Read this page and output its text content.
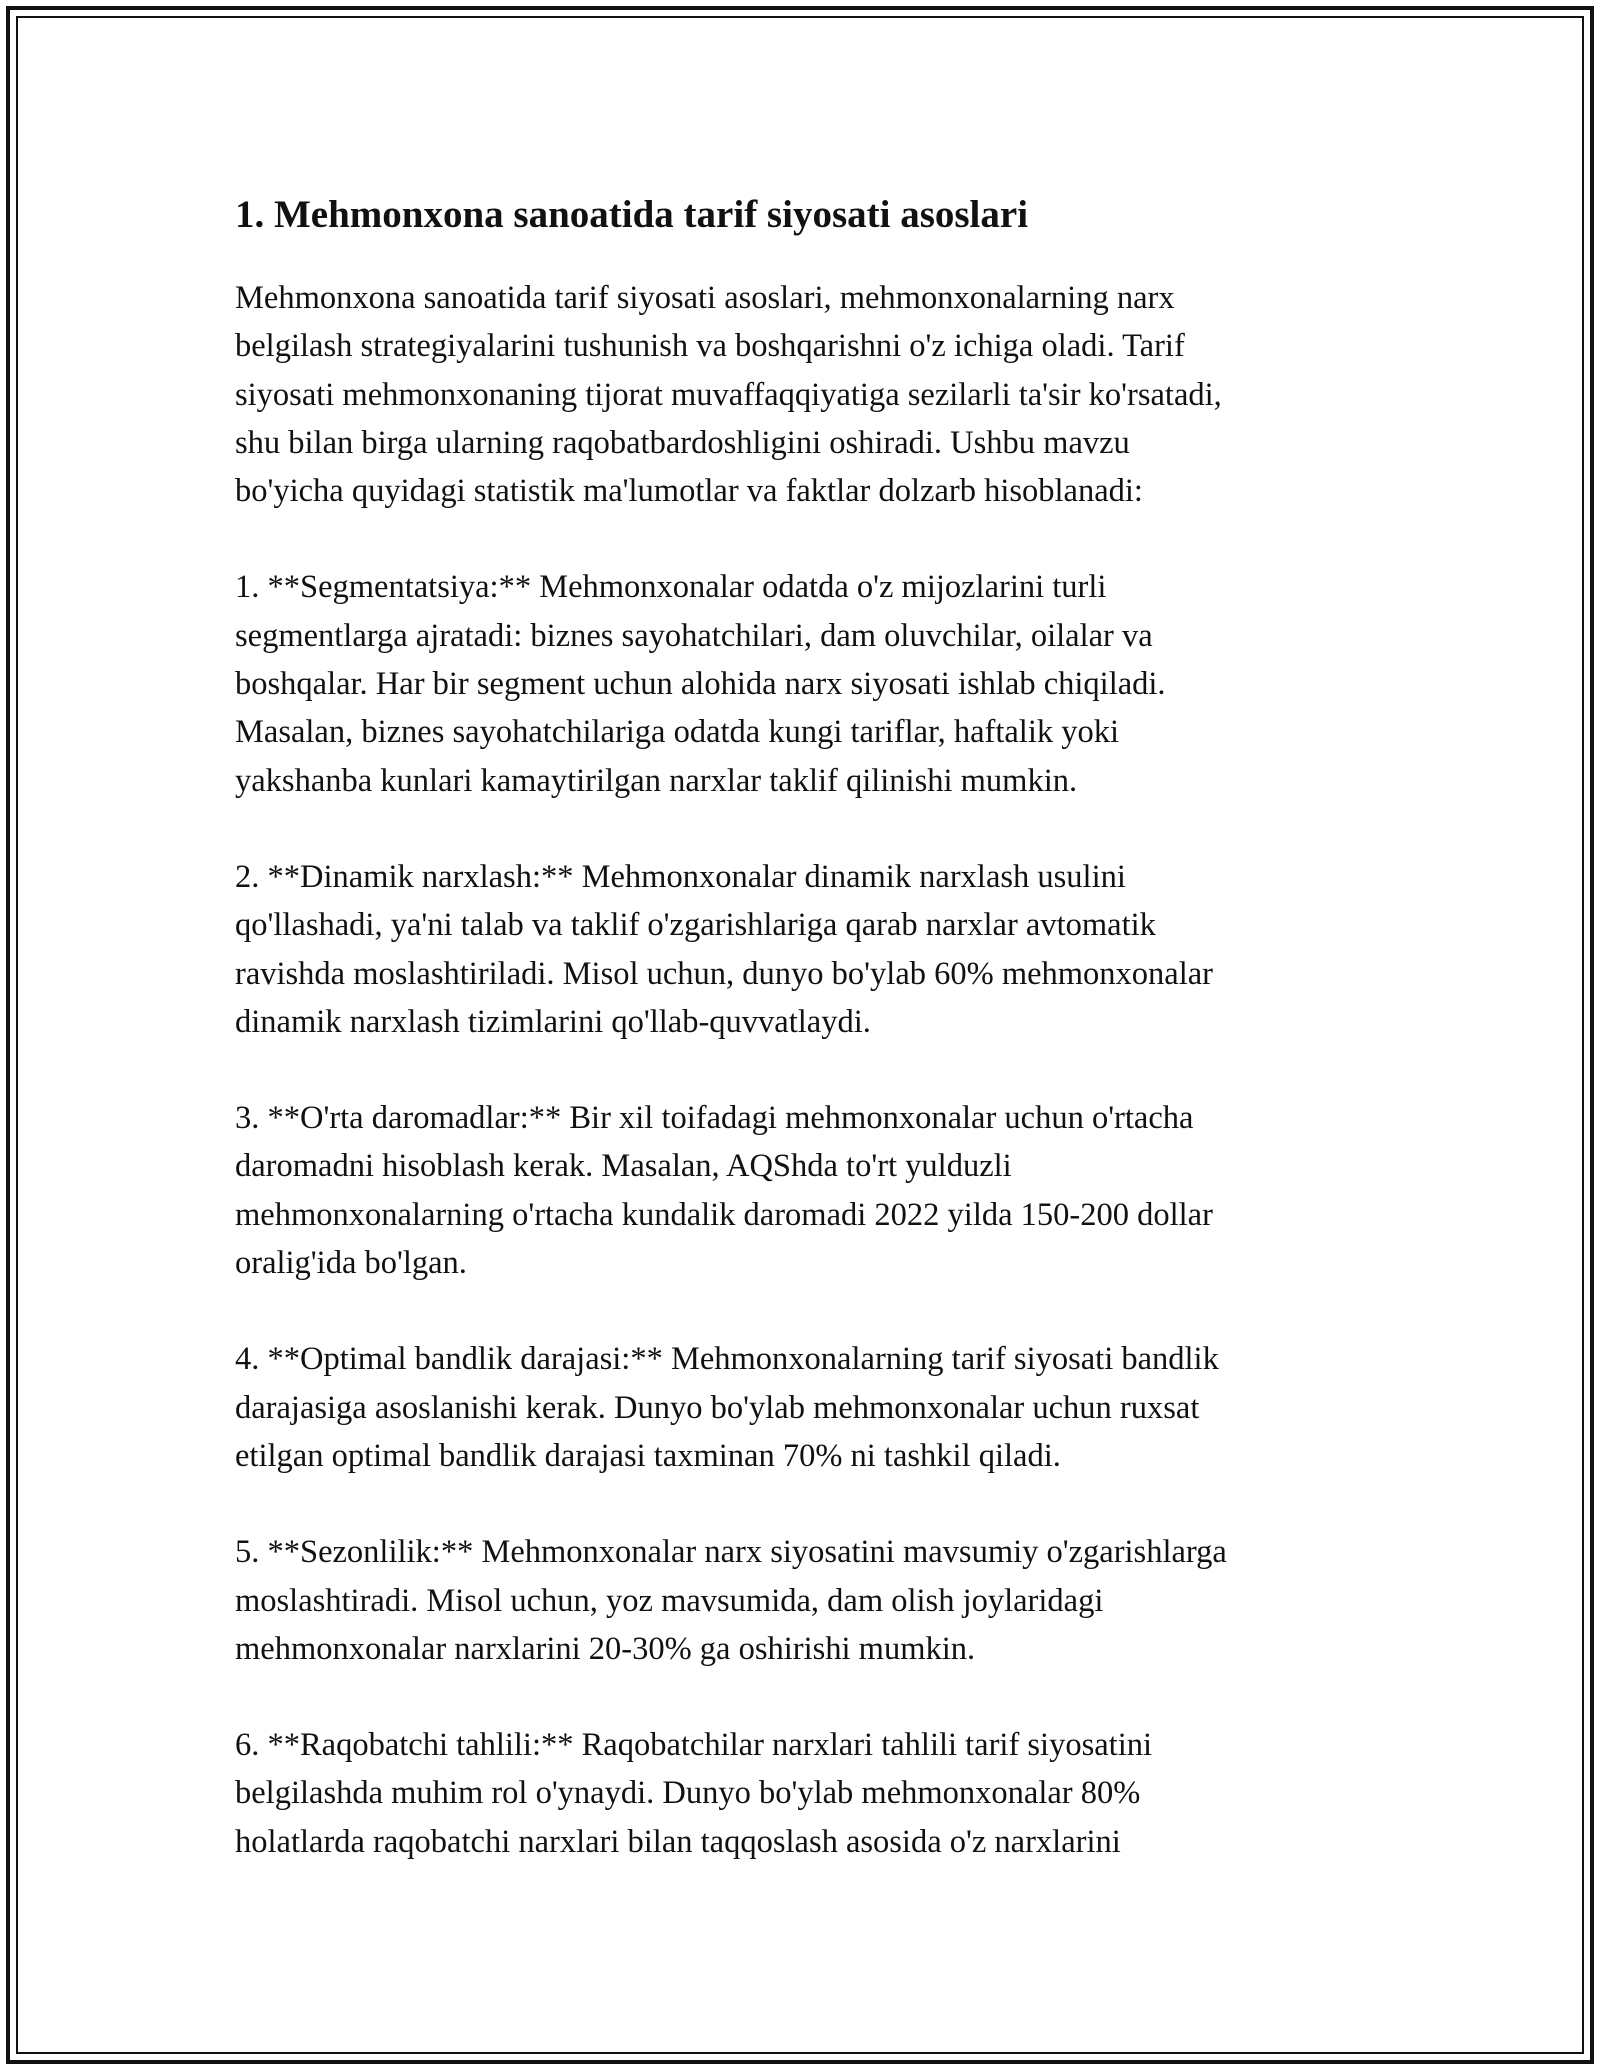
1. Mehmonxona sanoatida tarif siyosati asoslari

Mehmonxona sanoatida tarif siyosati asoslari, mehmonxonalarning narx
belgilash strategiyalarini tushunish va boshqarishni o'z ichiga oladi. Tarif
siyosati mehmonxonaning tijorat muvaffaqqiyatiga sezilarli ta'sir ko'rsatadi,
shu bilan birga ularning raqobatbardoshligini oshiradi. Ushbu mavzu
bo'yicha quyidagi statistik ma'lumotlar va faktlar dolzarb hisoblanadi:

1. **Segmentatsiya:** Mehmonxonalar odatda o'z mijozlarini turli
segmentlarga ajratadi: biznes sayohatchilari, dam oluvchilar, oilalar va
boshqalar. Har bir segment uchun alohida narx siyosati ishlab chiqiladi.
Masalan, biznes sayohatchilariga odatda kungi tariflar, haftalik yoki
yakshanba kunlari kamaytirilgan narxlar taklif qilinishi mumkin.

2. **Dinamik narxlash:** Mehmonxonalar dinamik narxlash usulini
qo'llashadi, ya'ni talab va taklif o'zgarishlariga qarab narxlar avtomatik
ravishda moslashtiriladi. Misol uchun, dunyo bo'ylab 60% mehmonxonalar
dinamik narxlash tizimlarini qo'llab-quvvatlaydi.

3. **O'rta daromadlar:** Bir xil toifadagi mehmonxonalar uchun o'rtacha
daromadni hisoblash kerak. Masalan, AQShda to'rt yulduzli
mehmonxonalarning o'rtacha kundalik daromadi 2022 yilda 150-200 dollar
oralig'ida bo'lgan.

4. **Optimal bandlik darajasi:** Mehmonxonalarning tarif siyosati bandlik
darajasiga asoslanishi kerak. Dunyo bo'ylab mehmonxonalar uchun ruxsat
etilgan optimal bandlik darajasi taxminan 70% ni tashkil qiladi.

5. **Sezonlilik:** Mehmonxonalar narx siyosatini mavsumiy o'zgarishlarga
moslashtiradi. Misol uchun, yoz mavsumida, dam olish joylaridagi
mehmonxonalar narxlarini 20-30% ga oshirishi mumkin.

6. **Raqobatchi tahlili:** Raqobatchilar narxlari tahlili tarif siyosatini
belgilashda muhim rol o'ynaydi. Dunyo bo'ylab mehmonxonalar 80%
holatlarda raqobatchi narxlari bilan taqqoslash asosida o'z narxlarini
